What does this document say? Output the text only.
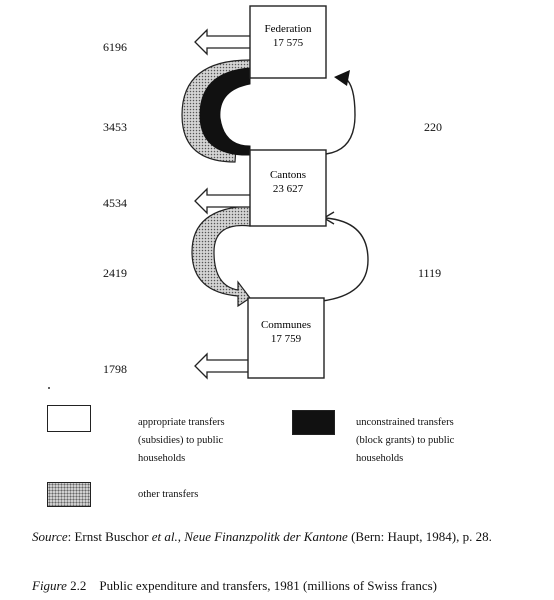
Federation
17 575
Cantons
23 627
Communes
17 759
6196
3453
4534
2419
1798
220
1119
appropriate transfers
(subsidies) to public
households
unconstrained transfers
(block grants) to public
households
other transfers
Source: Ernst Buschor et al., Neue Finanzpolitk der Kantone (Bern: Haupt, 1984), p. 28.
Figure 2.2    Public expenditure and transfers, 1981 (millions of Swiss francs)
